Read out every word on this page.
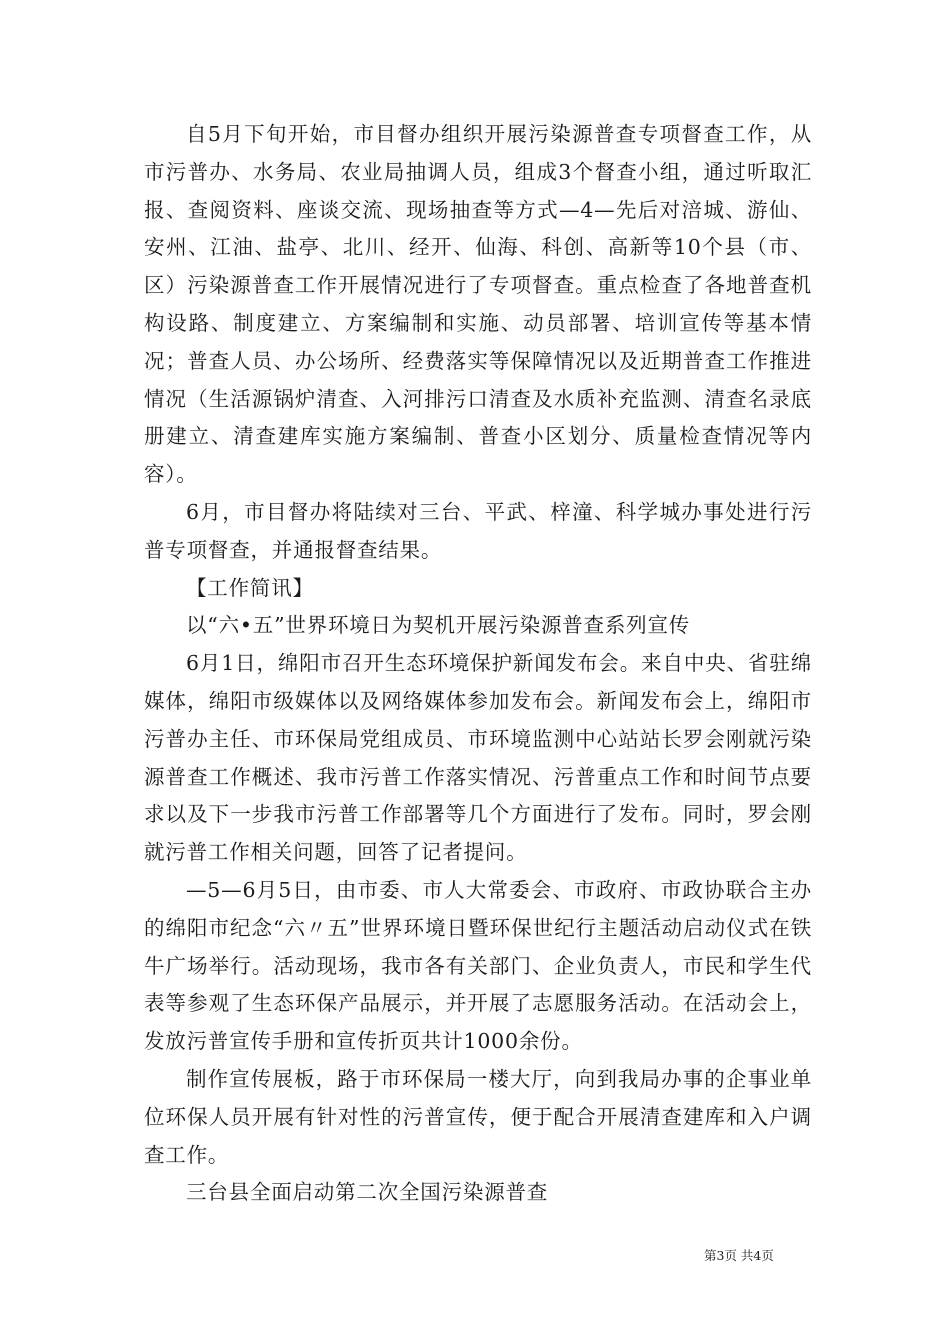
自5月下旬开始，市目督办组织开展污染源普查专项督查工作，从市污普办、水务局、农业局抽调人员，组成3个督查小组，通过听取汇报、查阅资料、座谈交流、现场抽查等方式—4—先后对涪城、游仙、安州、江油、盐亭、北川、经开、仙海、科创、高新等10个县（市、区）污染源普查工作开展情况进行了专项督查。重点检查了各地普查机构设路、制度建立、方案编制和实施、动员部署、培训宣传等基本情况；普查人员、办公场所、经费落实等保障情况以及近期普查工作推进情况（生活源锅炉清查、入河排污口清查及水质补充监测、清查名录底册建立、清查建库实施方案编制、普查小区划分、质量检查情况等内容）。

6月，市目督办将陆续对三台、平武、梓潼、科学城办事处进行污普专项督查，并通报督查结果。

【工作简讯】

以“六•五”世界环境日为契机开展污染源普查系列宣传

6月1日，绵阳市召开生态环境保护新闻发布会。来自中央、省驻绵媒体，绵阳市级媒体以及网络媒体参加发布会。新闻发布会上，绵阳市污普办主任、市环保局党组成员、市环境监测中心站站长罗会刚就污染源普查工作概述、我市污普工作落实情况、污普重点工作和时间节点要求以及下一步我市污普工作部署等几个方面进行了发布。同时，罗会刚就污普工作相关问题，回答了记者提问。

—5—6月5日，由市委、市人大常委会、市政府、市政协联合主办的绵阳市纪念“六〃五”世界环境日暨环保世纪行主题活动启动仪式在铁牛广场举行。活动现场，我市各有关部门、企业负责人，市民和学生代表等参观了生态环保产品展示，并开展了志愿服务活动。在活动会上，发放污普宣传手册和宣传折页共计1000余份。

制作宣传展板，路于市环保局一楼大厅，向到我局办事的企事业单位环保人员开展有针对性的污普宣传，便于配合开展清查建库和入户调查工作。

三台县全面启动第二次全国污染源普查

第3页 共4页
